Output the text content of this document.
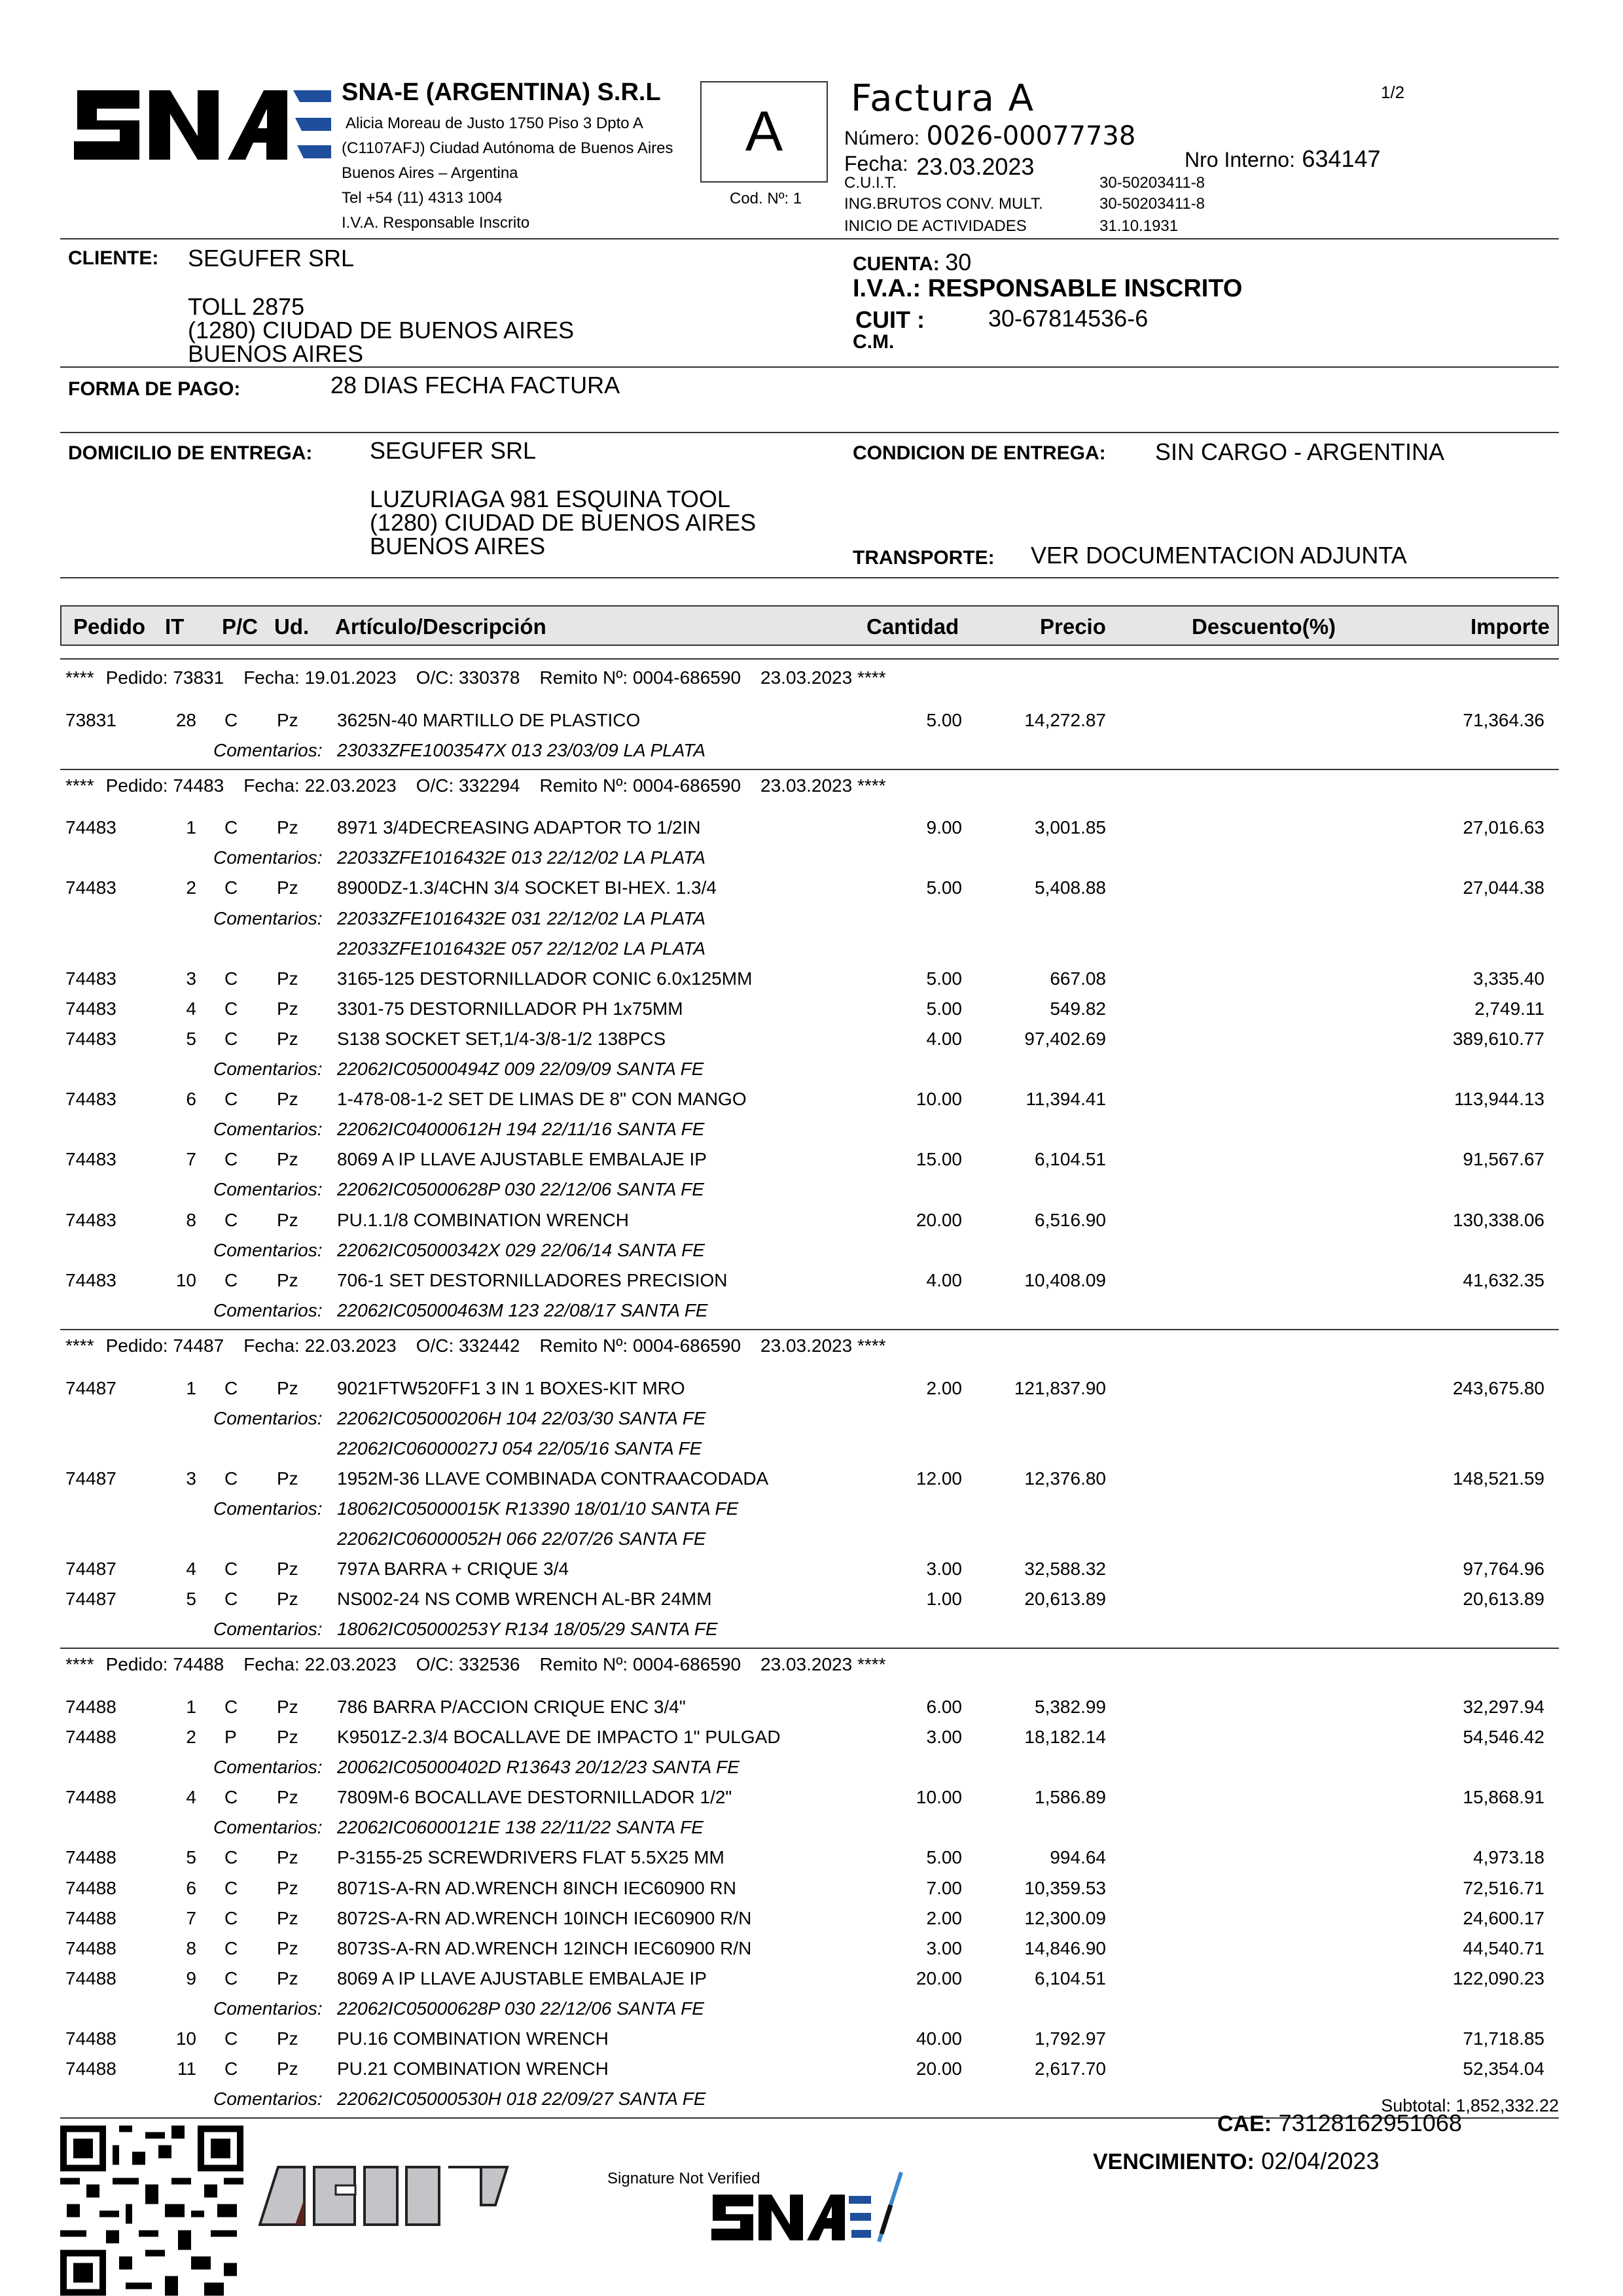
SNA-E (ARGENTINA) S.R.L
Alicia Moreau de Justo 1750 Piso 3 Dpto A
(C1107AFJ) Ciudad Autónoma de Buenos Aires
Buenos Aires – Argentina
Tel +54 (11) 4313 1004
I.V.A. Responsable Inscrito
A
Cod. Nº: 1
Factura A	1/2
Número: 0026-00077738
Fecha: 23.03.2023	Nro Interno: 634147
C.U.I.T.	30-50203411-8
ING.BRUTOS CONV. MULT.	30-50203411-8
INICIO DE ACTIVIDADES	31.10.1931
CLIENTE: SEGUFER SRL
TOLL 2875
(1280) CIUDAD DE BUENOS AIRES
BUENOS AIRES
CUENTA: 30
I.V.A.: RESPONSABLE INSCRITO
CUIT :	30-67814536-6
C.M.
FORMA DE PAGO:	28 DIAS FECHA FACTURA
DOMICILIO DE ENTREGA: SEGUFER SRL
LUZURIAGA 981 ESQUINA TOOL
(1280) CIUDAD DE BUENOS AIRES
BUENOS AIRES
CONDICION DE ENTREGA: SIN CARGO - ARGENTINA
TRANSPORTE: VER DOCUMENTACION ADJUNTA
Pedido IT P/C Ud. Artículo/Descripción	Cantidad	Precio	Descuento(%)	Importe
**** Pedido: 73831 Fecha: 19.01.2023 O/C: 330378 Remito Nº: 0004-686590 23.03.2023 ****
73831	28 C Pz 3625N-40 MARTILLO DE PLASTICO	5.00	14,272.87	71,364.36
Comentarios: 23033ZFE1003547X 013 23/03/09 LA PLATA
**** Pedido: 74483 Fecha: 22.03.2023 O/C: 332294 Remito Nº: 0004-686590 23.03.2023 ****
74483	1 C Pz 8971 3/4DECREASING ADAPTOR TO 1/2IN	9.00	3,001.85	27,016.63
Comentarios: 22033ZFE1016432E 013 22/12/02 LA PLATA
74483	2 C Pz 8900DZ-1.3/4CHN 3/4 SOCKET BI-HEX. 1.3/4	5.00	5,408.88	27,044.38
Comentarios: 22033ZFE1016432E 031 22/12/02 LA PLATA
22033ZFE1016432E 057 22/12/02 LA PLATA
74483	3 C Pz 3165-125 DESTORNILLADOR CONIC 6.0x125MM	5.00	667.08	3,335.40
74483	4 C Pz 3301-75 DESTORNILLADOR PH 1x75MM	5.00	549.82	2,749.11
74483	5 C Pz S138 SOCKET SET,1/4-3/8-1/2 138PCS	4.00	97,402.69	389,610.77
Comentarios: 22062IC05000494Z 009 22/09/09 SANTA FE
74483	6 C Pz 1-478-08-1-2 SET DE LIMAS DE 8" CON MANGO	10.00	11,394.41	113,944.13
Comentarios: 22062IC04000612H 194 22/11/16 SANTA FE
74483	7 C Pz 8069 A IP LLAVE AJUSTABLE EMBALAJE IP	15.00	6,104.51	91,567.67
Comentarios: 22062IC05000628P 030 22/12/06 SANTA FE
74483	8 C Pz PU.1.1/8 COMBINATION WRENCH	20.00	6,516.90	130,338.06
Comentarios: 22062IC05000342X 029 22/06/14 SANTA FE
74483	10 C Pz 706-1 SET DESTORNILLADORES PRECISION	4.00	10,408.09	41,632.35
Comentarios: 22062IC05000463M 123 22/08/17 SANTA FE
**** Pedido: 74487 Fecha: 22.03.2023 O/C: 332442 Remito Nº: 0004-686590 23.03.2023 ****
74487	1 C Pz 9021FTW520FF1 3 IN 1 BOXES-KIT MRO	2.00	121,837.90	243,675.80
Comentarios: 22062IC05000206H 104 22/03/30 SANTA FE
22062IC06000027J 054 22/05/16 SANTA FE
74487	3 C Pz 1952M-36 LLAVE COMBINADA CONTRAACODADA	12.00	12,376.80	148,521.59
Comentarios: 18062IC05000015K R13390 18/01/10 SANTA FE
22062IC06000052H 066 22/07/26 SANTA FE
74487	4 C Pz 797A BARRA + CRIQUE 3/4	3.00	32,588.32	97,764.96
74487	5 C Pz NS002-24 NS COMB WRENCH AL-BR 24MM	1.00	20,613.89	20,613.89
Comentarios: 18062IC05000253Y R134 18/05/29 SANTA FE
**** Pedido: 74488 Fecha: 22.03.2023 O/C: 332536 Remito Nº: 0004-686590 23.03.2023 ****
74488	1 C Pz 786 BARRA P/ACCION CRIQUE ENC 3/4"	6.00	5,382.99	32,297.94
74488	2 P Pz K9501Z-2.3/4 BOCALLAVE DE IMPACTO 1" PULGAD	3.00	18,182.14	54,546.42
Comentarios: 20062IC05000402D R13643 20/12/23 SANTA FE
74488	4 C Pz 7809M-6 BOCALLAVE DESTORNILLADOR 1/2"	10.00	1,586.89	15,868.91
Comentarios: 22062IC06000121E 138 22/11/22 SANTA FE
74488	5 C Pz P-3155-25 SCREWDRIVERS FLAT 5.5X25 MM	5.00	994.64	4,973.18
74488	6 C Pz 8071S-A-RN AD.WRENCH 8INCH IEC60900 RN	7.00	10,359.53	72,516.71
74488	7 C Pz 8072S-A-RN AD.WRENCH 10INCH IEC60900 R/N	2.00	12,300.09	24,600.17
74488	8 C Pz 8073S-A-RN AD.WRENCH 12INCH IEC60900 R/N	3.00	14,846.90	44,540.71
74488	9 C Pz 8069 A IP LLAVE AJUSTABLE EMBALAJE IP	20.00	6,104.51	122,090.23
Comentarios: 22062IC05000628P 030 22/12/06 SANTA FE
74488	10 C Pz PU.16 COMBINATION WRENCH	40.00	1,792.97	71,718.85
74488	11 C Pz PU.21 COMBINATION WRENCH	20.00	2,617.70	52,354.04
Comentarios: 22062IC05000530H 018 22/09/27 SANTA FE	Subtotal: 1,852,332.22
Signature Not Verified
CAE: 73128162951068
VENCIMIENTO: 02/04/2023
